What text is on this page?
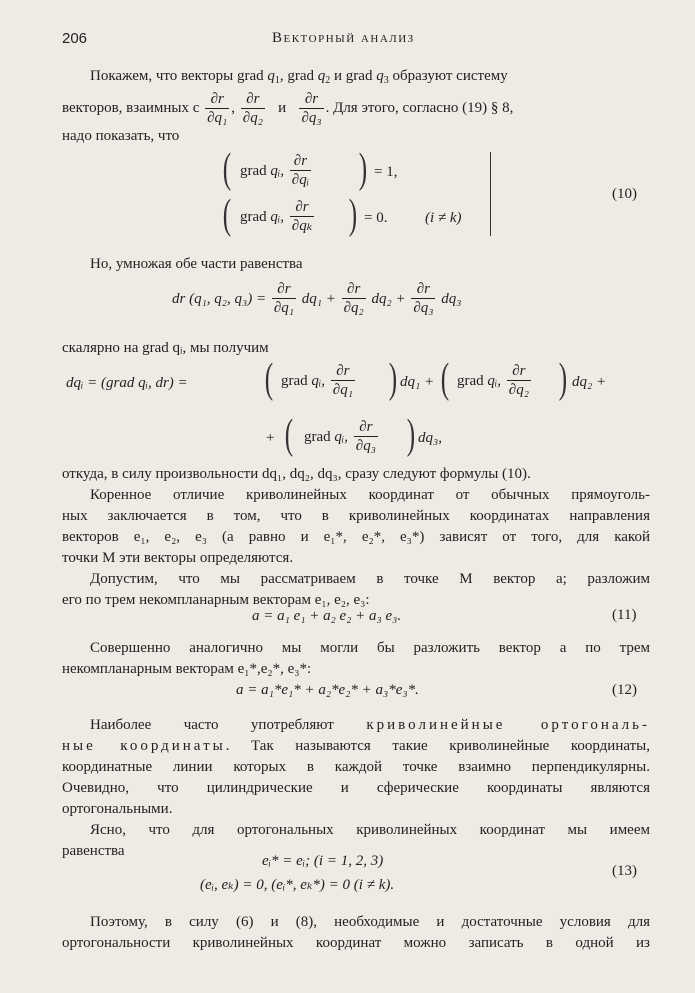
206	Векторный анализ
Покажем, что векторы grad $q_1$, grad $q_2$ и grad $q_3$ образуют систему
векторов, взаимных с $\frac{\partial r}{\text{∂q₁}}$ , $\frac{\partial r}{\text{∂q₂}}$ и $\frac{\partial r}{\text{∂q₃}}$ . Для этого, согласно (19) § 8,
надо показать, что
( grad qᵢ, $\frac{\partial r}{\text{∂qᵢ}}$ ) = 1,
( grad qᵢ, $\frac{\partial r}{\text{∂qₖ}}$ ) = 0.	(i ≠ k)
(10)
Но, умножая обе части равенства
dr (q₁, q₂, $q_3) = \frac{\partial r}{\text{∂q₁}} dq_1 + \frac{\partial r}{\text{∂q₂}} dq_2 + \frac{\partial r}{\text{∂q₃}} dq_3$
скалярно на grad qᵢ, мы получим
dqᵢ = (grad qᵢ, dr) = ( grad qᵢ, $\frac{\partial r}{\text{∂q₁}}$ ) dq₁ + ( grad qᵢ, $\frac{\partial r}{\text{∂q₂}}$ ) dq₂ +
+ ( grad qᵢ, $\frac{\partial r}{\text{∂q₃}}$ ) dq₃,
откуда, в силу произвольности dq₁, dq₂, dq₃, сразу следуют формулы (10).
Коренное отличие криволинейных координат от обычных прямоуголь-
ных заключается в том, что в криволинейных координатах направления
векторов e₁, e₂, e₃ (а равно и e₁*, e₂*, e₃*) зависят от того, для какой
точки M эти векторы определяются.
Допустим, что мы рассматриваем в точке M вектор a; разложим
его по трем некомпланарным векторам e₁, e₂, e₃:
a = a₁ e₁ + a₂ e₂ + a₃ e₃.	(11)
Совершенно аналогично мы могли бы разложить вектор a по трем
некомпланарным векторам e₁*,e₂*, e₃*:
a = a₁*e₁* + a₂*e₂* + a₃*e₃*.	(12)
Наиболее часто употребляют криволинейные ортогональ-
ные координаты. Так называются такие криволинейные координаты,
координатные линии которых в каждой точке взаимно перпендикулярны.
Очевидно, что цилиндрические и сферические координаты являются
ортогональными.
Ясно, что для ортогональных криволинейных координат мы имеем
равенства
eᵢ* = eᵢ; (i = 1, 2, 3)
(eᵢ, eₖ) = 0, (eᵢ*, eₖ*) = 0 (i ≠ k).
(13)
Поэтому, в силу (6) и (8), необходимые и достаточные условия для
ортогональности криволинейных координат можно записать в одной из
